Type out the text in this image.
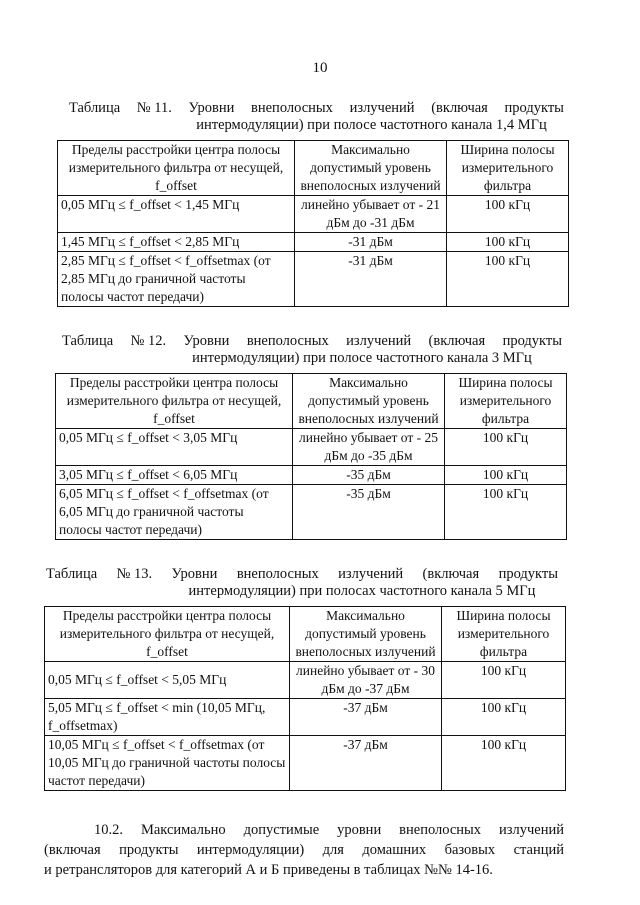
10
Таблица № 11. Уровни внеполосных излучений (включая продукты
интермодуляции) при полосе частотного канала 1,4 МГц
Пределы расстройки центра полосы измерительного фильтра от несущей, f_offset	Максимально допустимый уровень внеполосных излучений	Ширина полосы измерительного фильтра
0,05 МГц ≤ f_offset < 1,45 МГц	линейно убывает от - 21 дБм до -31 дБм	100 кГц
1,45 МГц ≤ f_offset < 2,85 МГц	-31 дБм	100 кГц
2,85 МГц ≤ f_offset < f_offsetmax (от 2,85 МГц до граничной частоты полосы частот передачи)	-31 дБм	100 кГц
Таблица № 12. Уровни внеполосных излучений (включая продукты
интермодуляции) при полосе частотного канала 3 МГц
Пределы расстройки центра полосы измерительного фильтра от несущей, f_offset	Максимально допустимый уровень внеполосных излучений	Ширина полосы измерительного фильтра
0,05 МГц ≤ f_offset < 3,05 МГц	линейно убывает от - 25 дБм до -35 дБм	100 кГц
3,05 МГц ≤ f_offset < 6,05 МГц	-35 дБм	100 кГц
6,05 МГц ≤ f_offset < f_offsetmax (от 6,05 МГц до граничной частоты полосы частот передачи)	-35 дБм	100 кГц
Таблица № 13. Уровни внеполосных излучений (включая продукты
интермодуляции) при полосах частотного канала 5 МГц
Пределы расстройки центра полосы измерительного фильтра от несущей, f_offset	Максимально допустимый уровень внеполосных излучений	Ширина полосы измерительного фильтра
0,05 МГц ≤ f_offset < 5,05 МГц	линейно убывает от - 30 дБм до -37 дБм	100 кГц
5,05 МГц ≤ f_offset < min (10,05 МГц, f_offsetmax)	-37 дБм	100 кГц
10,05 МГц ≤ f_offset < f_offsetmax (от 10,05 МГц до граничной частоты полосы частот передачи)	-37 дБм	100 кГц
10.2. Максимально допустимые уровни внеполосных излучений
(включая продукты интермодуляции) для домашних базовых станций
и ретрансляторов для категорий А и Б приведены в таблицах №№ 14-16.
